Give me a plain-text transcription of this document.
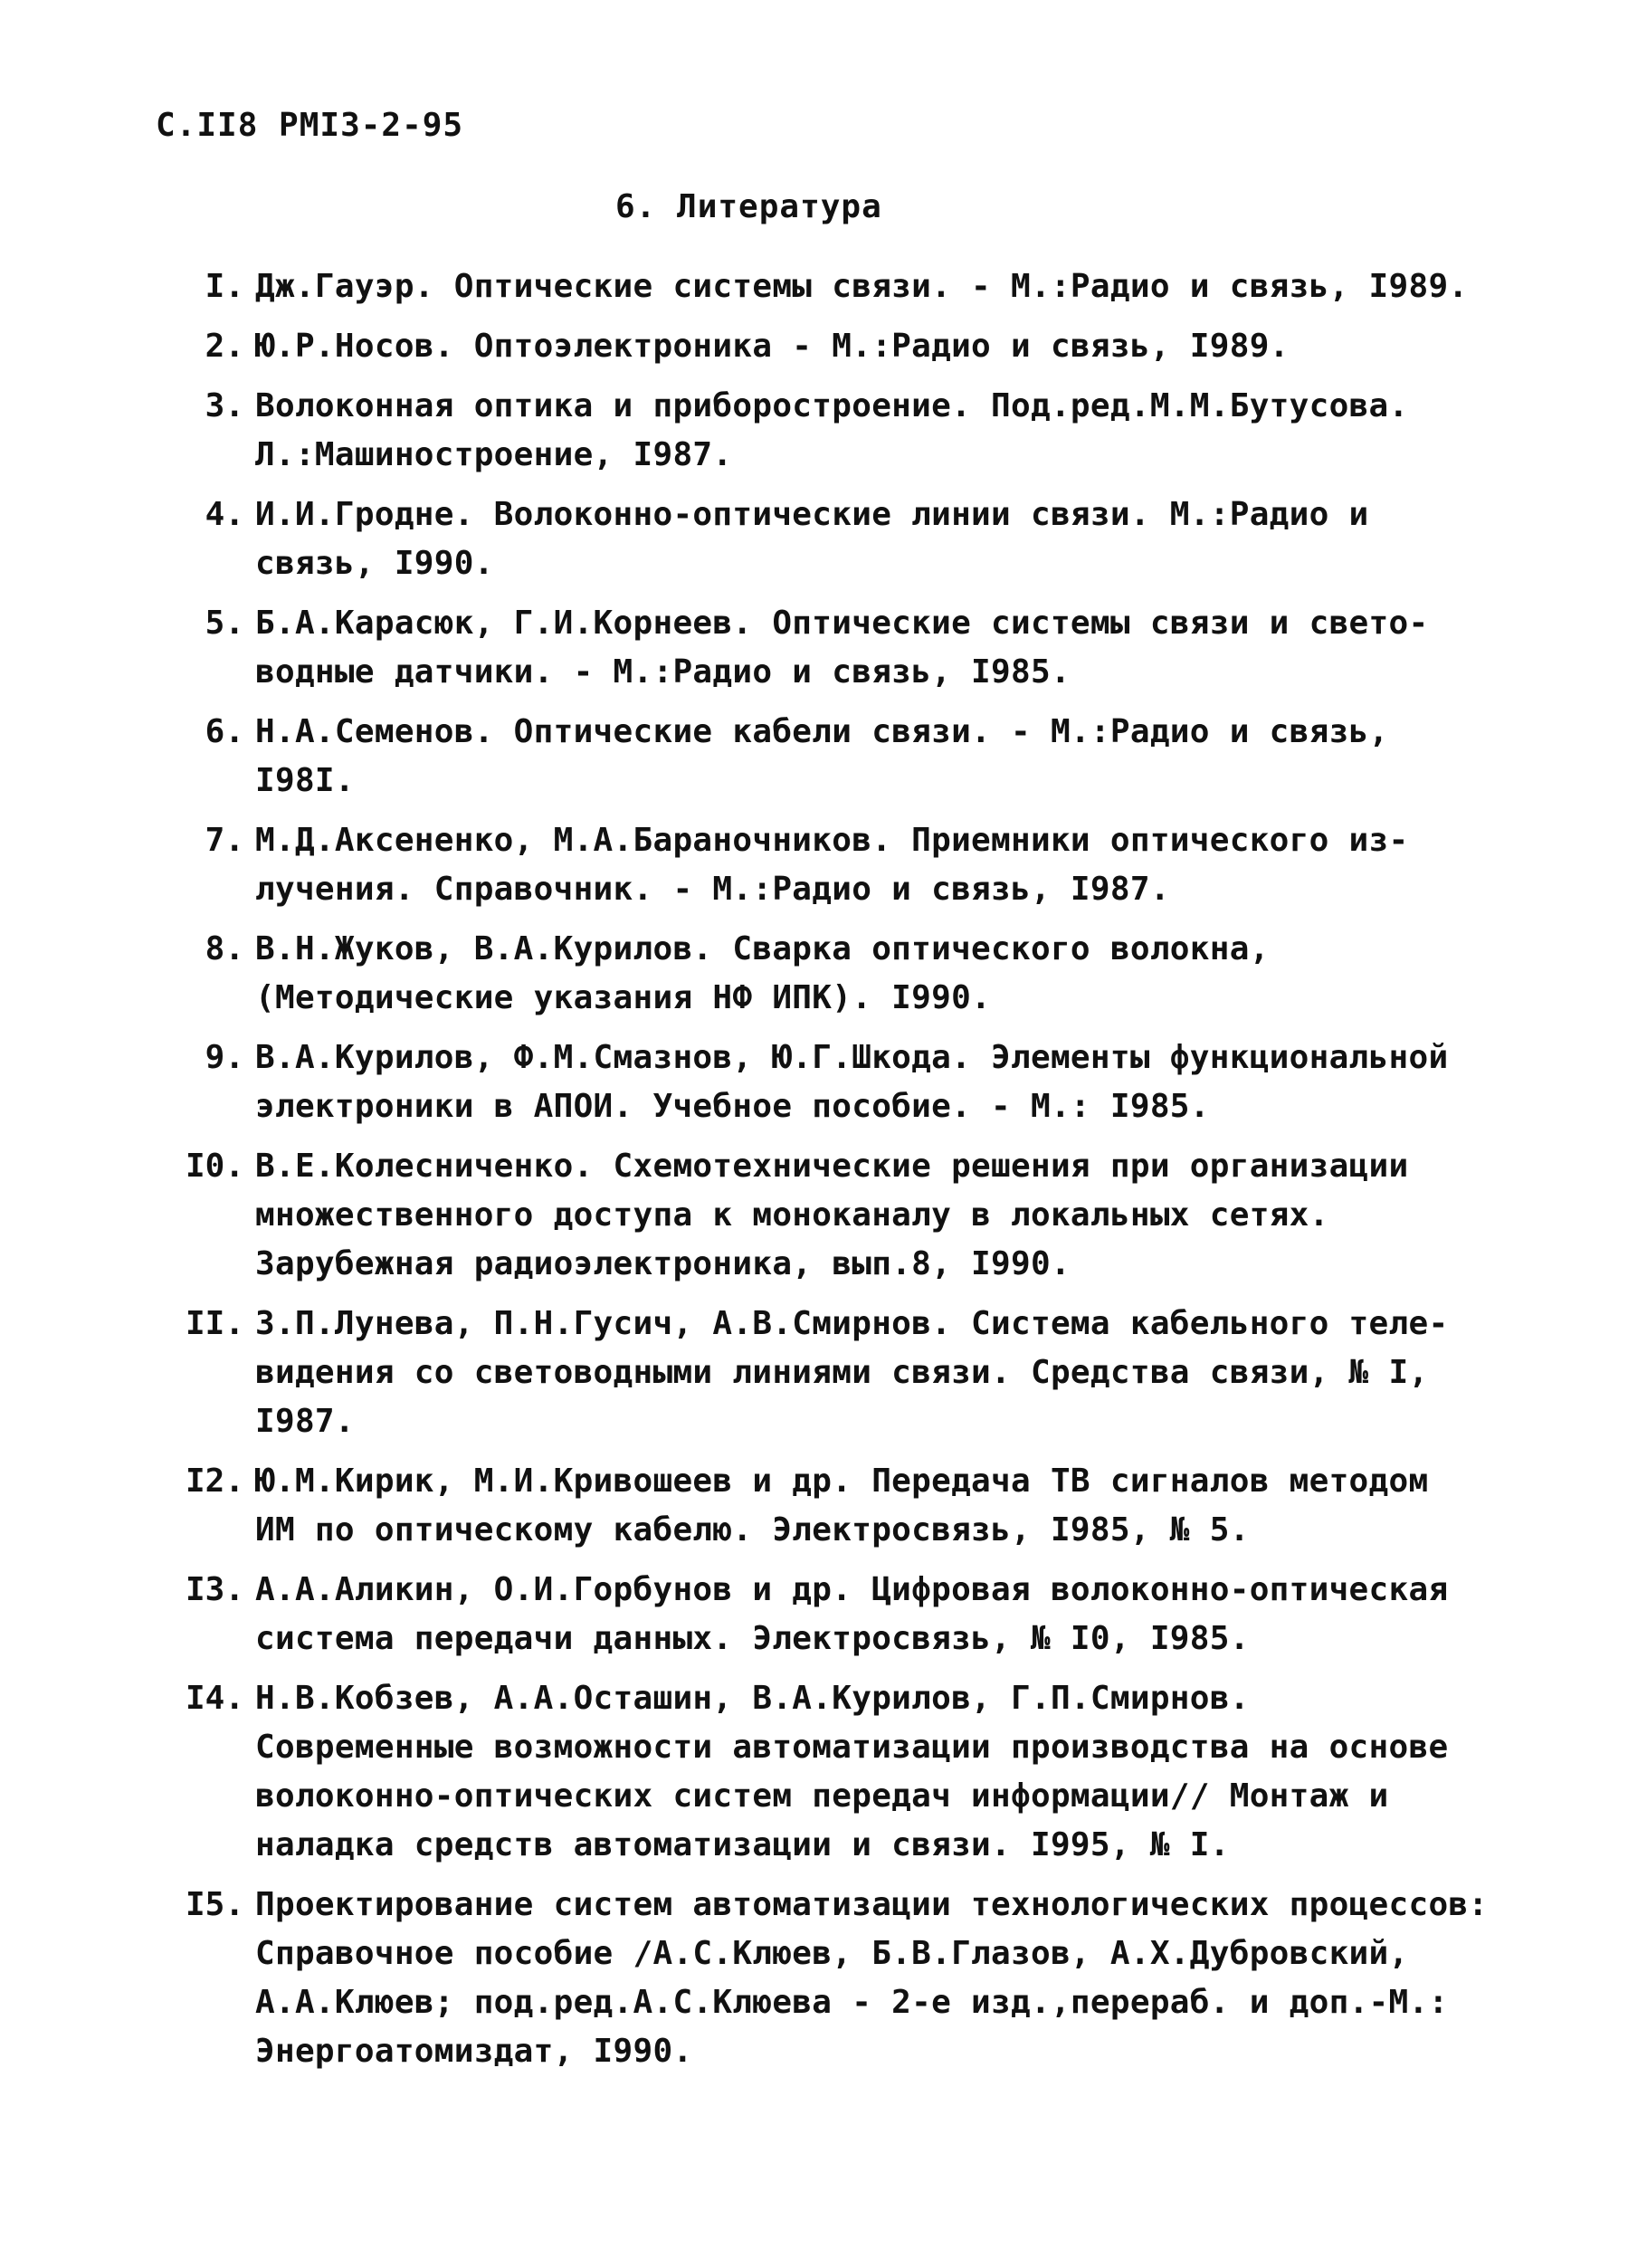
С.II8 РМI3-2-95
6. Литература
I. Дж.Гауэр. Оптические системы связи. - М.:Радио и связь, I989.
2. Ю.Р.Носов. Оптоэлектроника - М.:Радио и связь, I989.
3. Волоконная оптика и приборостроение. Под.ред.М.М.Бутусова.
Л.:Машиностроение, I987.
4. И.И.Гродне. Волоконно-оптические линии связи. М.:Радио и
связь, I990.
5. Б.А.Карасюк, Г.И.Корнеев. Оптические системы связи и свето-
водные датчики. - М.:Радио и связь, I985.
6. Н.А.Семенов. Оптические кабели связи. - М.:Радио и связь,
I98I.
7. М.Д.Аксененко, М.А.Бараночников. Приемники оптического из-
лучения. Справочник. - М.:Радио и связь, I987.
8. В.Н.Жуков, В.А.Курилов. Сварка оптического волокна,
(Методические указания НФ ИПК). I990.
9. В.А.Курилов, Ф.М.Смазнов, Ю.Г.Шкода. Элементы функциональной
электроники в АПОИ. Учебное пособие. - М.: I985.
I0. В.Е.Колесниченко. Схемотехнические решения при организации
множественного доступа к моноканалу в локальных сетях.
Зарубежная радиоэлектроника, вып.8, I990.
II. З.П.Лунева, П.Н.Гусич, А.В.Смирнов. Система кабельного теле-
видения со световодными линиями связи. Средства связи, № I,
I987.
I2. Ю.М.Кирик, М.И.Кривошеев и др. Передача ТВ сигналов методом
ИМ по оптическому кабелю. Электросвязь, I985, № 5.
I3. А.А.Аликин, О.И.Горбунов и др. Цифровая волоконно-оптическая
система передачи данных. Электросвязь, № I0, I985.
I4. Н.В.Кобзев, А.А.Осташин, В.А.Курилов, Г.П.Смирнов.
Современные возможности автоматизации производства на основе
волоконно-оптических систем передач информации// Монтаж и
наладка средств автоматизации и связи. I995, № I.
I5. Проектирование систем автоматизации технологических процессов:
Справочное пособие /А.С.Клюев, Б.В.Глазов, А.Х.Дубровский,
А.А.Клюев; под.ред.А.С.Клюева - 2-е изд.,перераб. и доп.-М.:
Энергоатомиздат, I990.
